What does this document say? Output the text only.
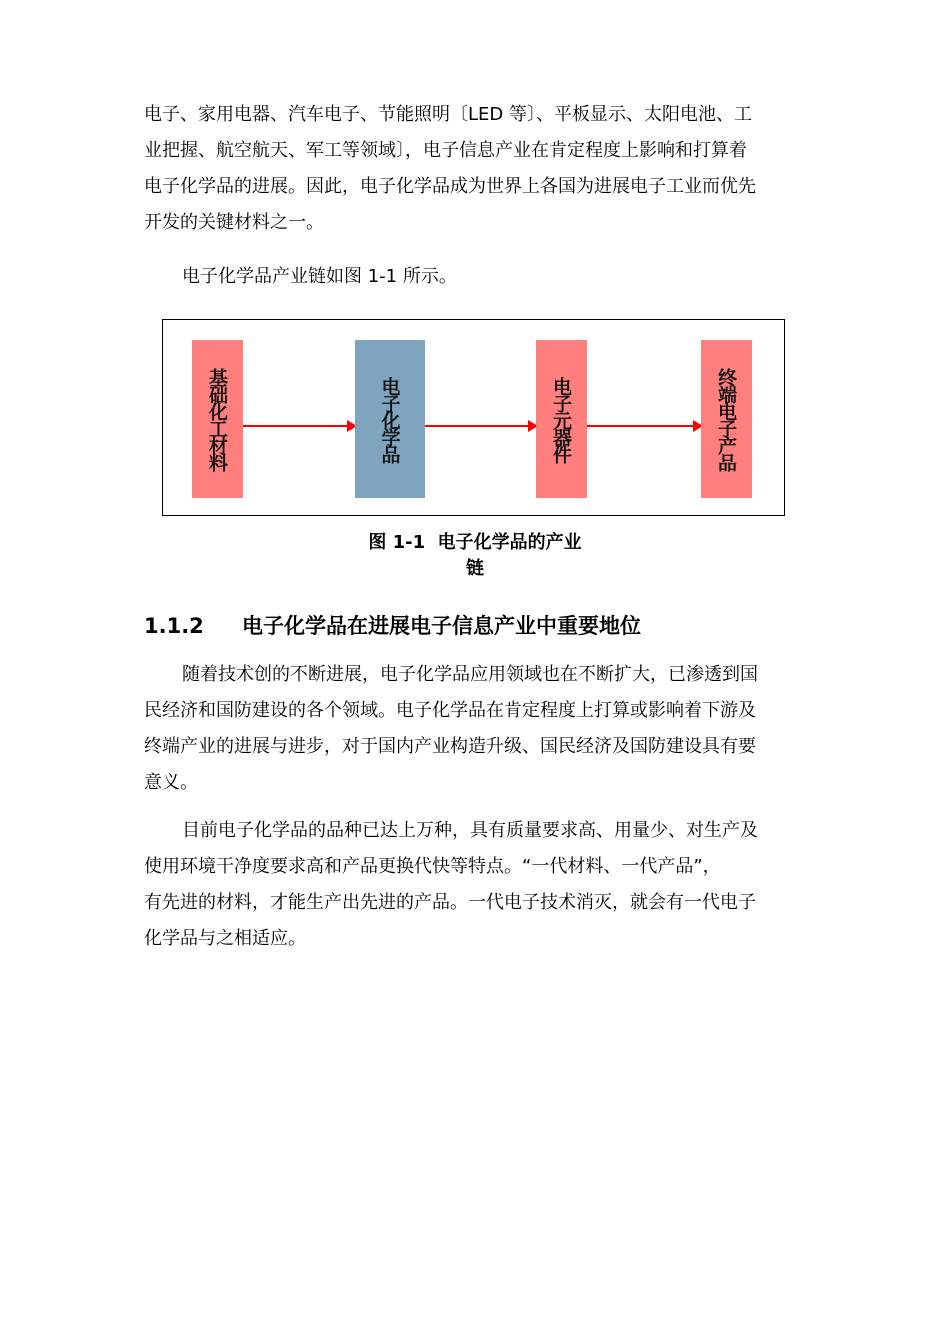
电子、家用电器、汽车电子、节能照明〔LED 等〕、平板显示、太阳电池、工
业把握、航空航天、军工等领域〕，电子信息产业在肯定程度上影响和打算着
电子化学品的进展。因此，电子化学品成为世界上各国为进展电子工业而优先
开发的关键材料之一。
电子化学品产业链如图 1-1 所示。
基础化工材料	电子化学品	电子元器件	终端电子产品
图 1-1  电子化学品的产业
链
1.1.2 电子化学品在进展电子信息产业中重要地位
随着技术创的不断进展，电子化学品应用领域也在不断扩大，已渗透到国
民经济和国防建设的各个领域。电子化学品在肯定程度上打算或影响着下游及
终端产业的进展与进步，对于国内产业构造升级、国民经济及国防建设具有要
意义。
目前电子化学品的品种已达上万种，具有质量要求高、用量少、对生产及
使用环境干净度要求高和产品更换代快等特点。“一代材料、一代产品”，
有先进的材料，才能生产出先进的产品。一代电子技术消灭，就会有一代电子
化学品与之相适应。
